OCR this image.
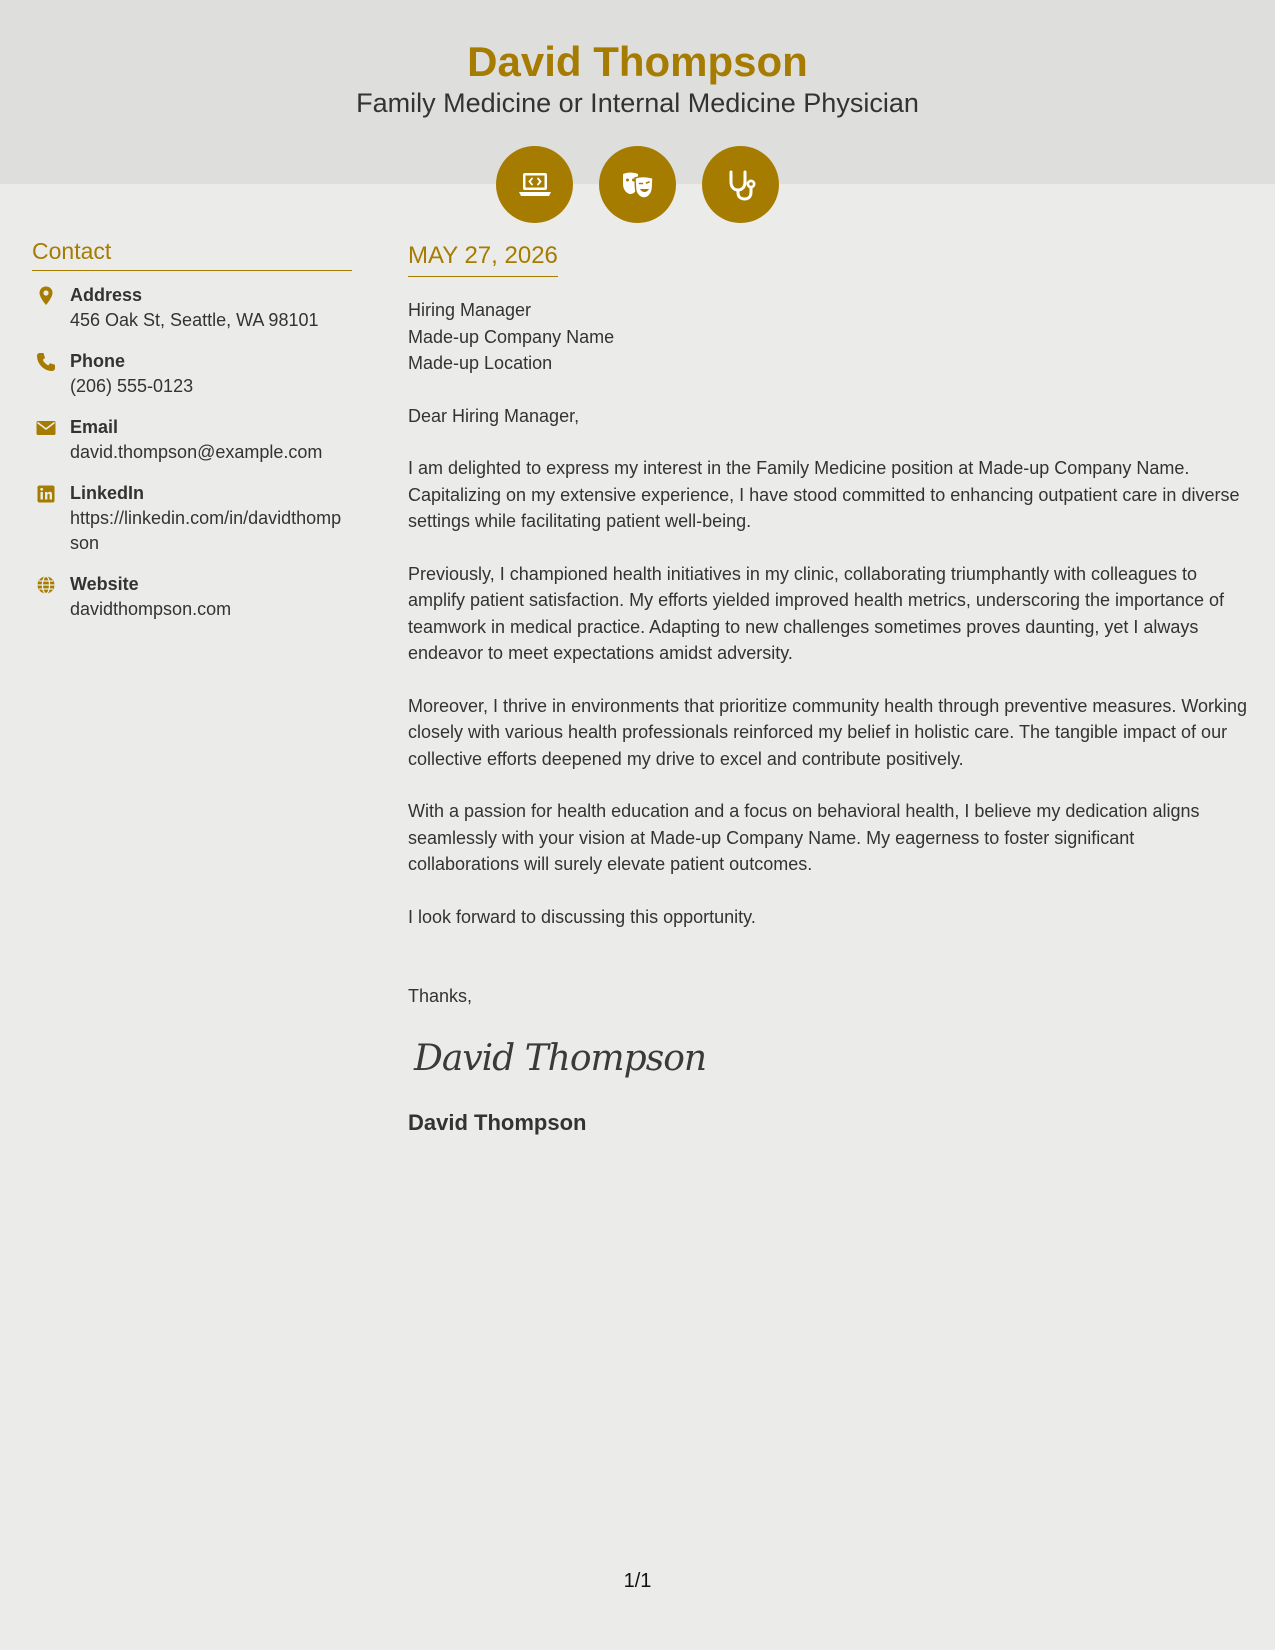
David Thompson
Family Medicine or Internal Medicine Physician
Contact
Address
456 Oak St, Seattle, WA 98101
Phone
(206) 555-0123
Email
david.thompson@example.com
LinkedIn
https://linkedin.com/in/davidthompson
Website
davidthompson.com
MAY 27, 2026
Hiring Manager
Made-up Company Name
Made-up Location
Dear Hiring Manager,
I am delighted to express my interest in the Family Medicine position at Made-up Company Name. Capitalizing on my extensive experience, I have stood committed to enhancing outpatient care in diverse settings while facilitating patient well-being.
Previously, I championed health initiatives in my clinic, collaborating triumphantly with colleagues to amplify patient satisfaction. My efforts yielded improved health metrics, underscoring the importance of teamwork in medical practice. Adapting to new challenges sometimes proves daunting, yet I always endeavor to meet expectations amidst adversity.
Moreover, I thrive in environments that prioritize community health through preventive measures. Working closely with various health professionals reinforced my belief in holistic care. The tangible impact of our collective efforts deepened my drive to excel and contribute positively.
With a passion for health education and a focus on behavioral health, I believe my dedication aligns seamlessly with your vision at Made-up Company Name. My eagerness to foster significant collaborations will surely elevate patient outcomes.
I look forward to discussing this opportunity.
Thanks,
David Thompson
David Thompson
1/1
